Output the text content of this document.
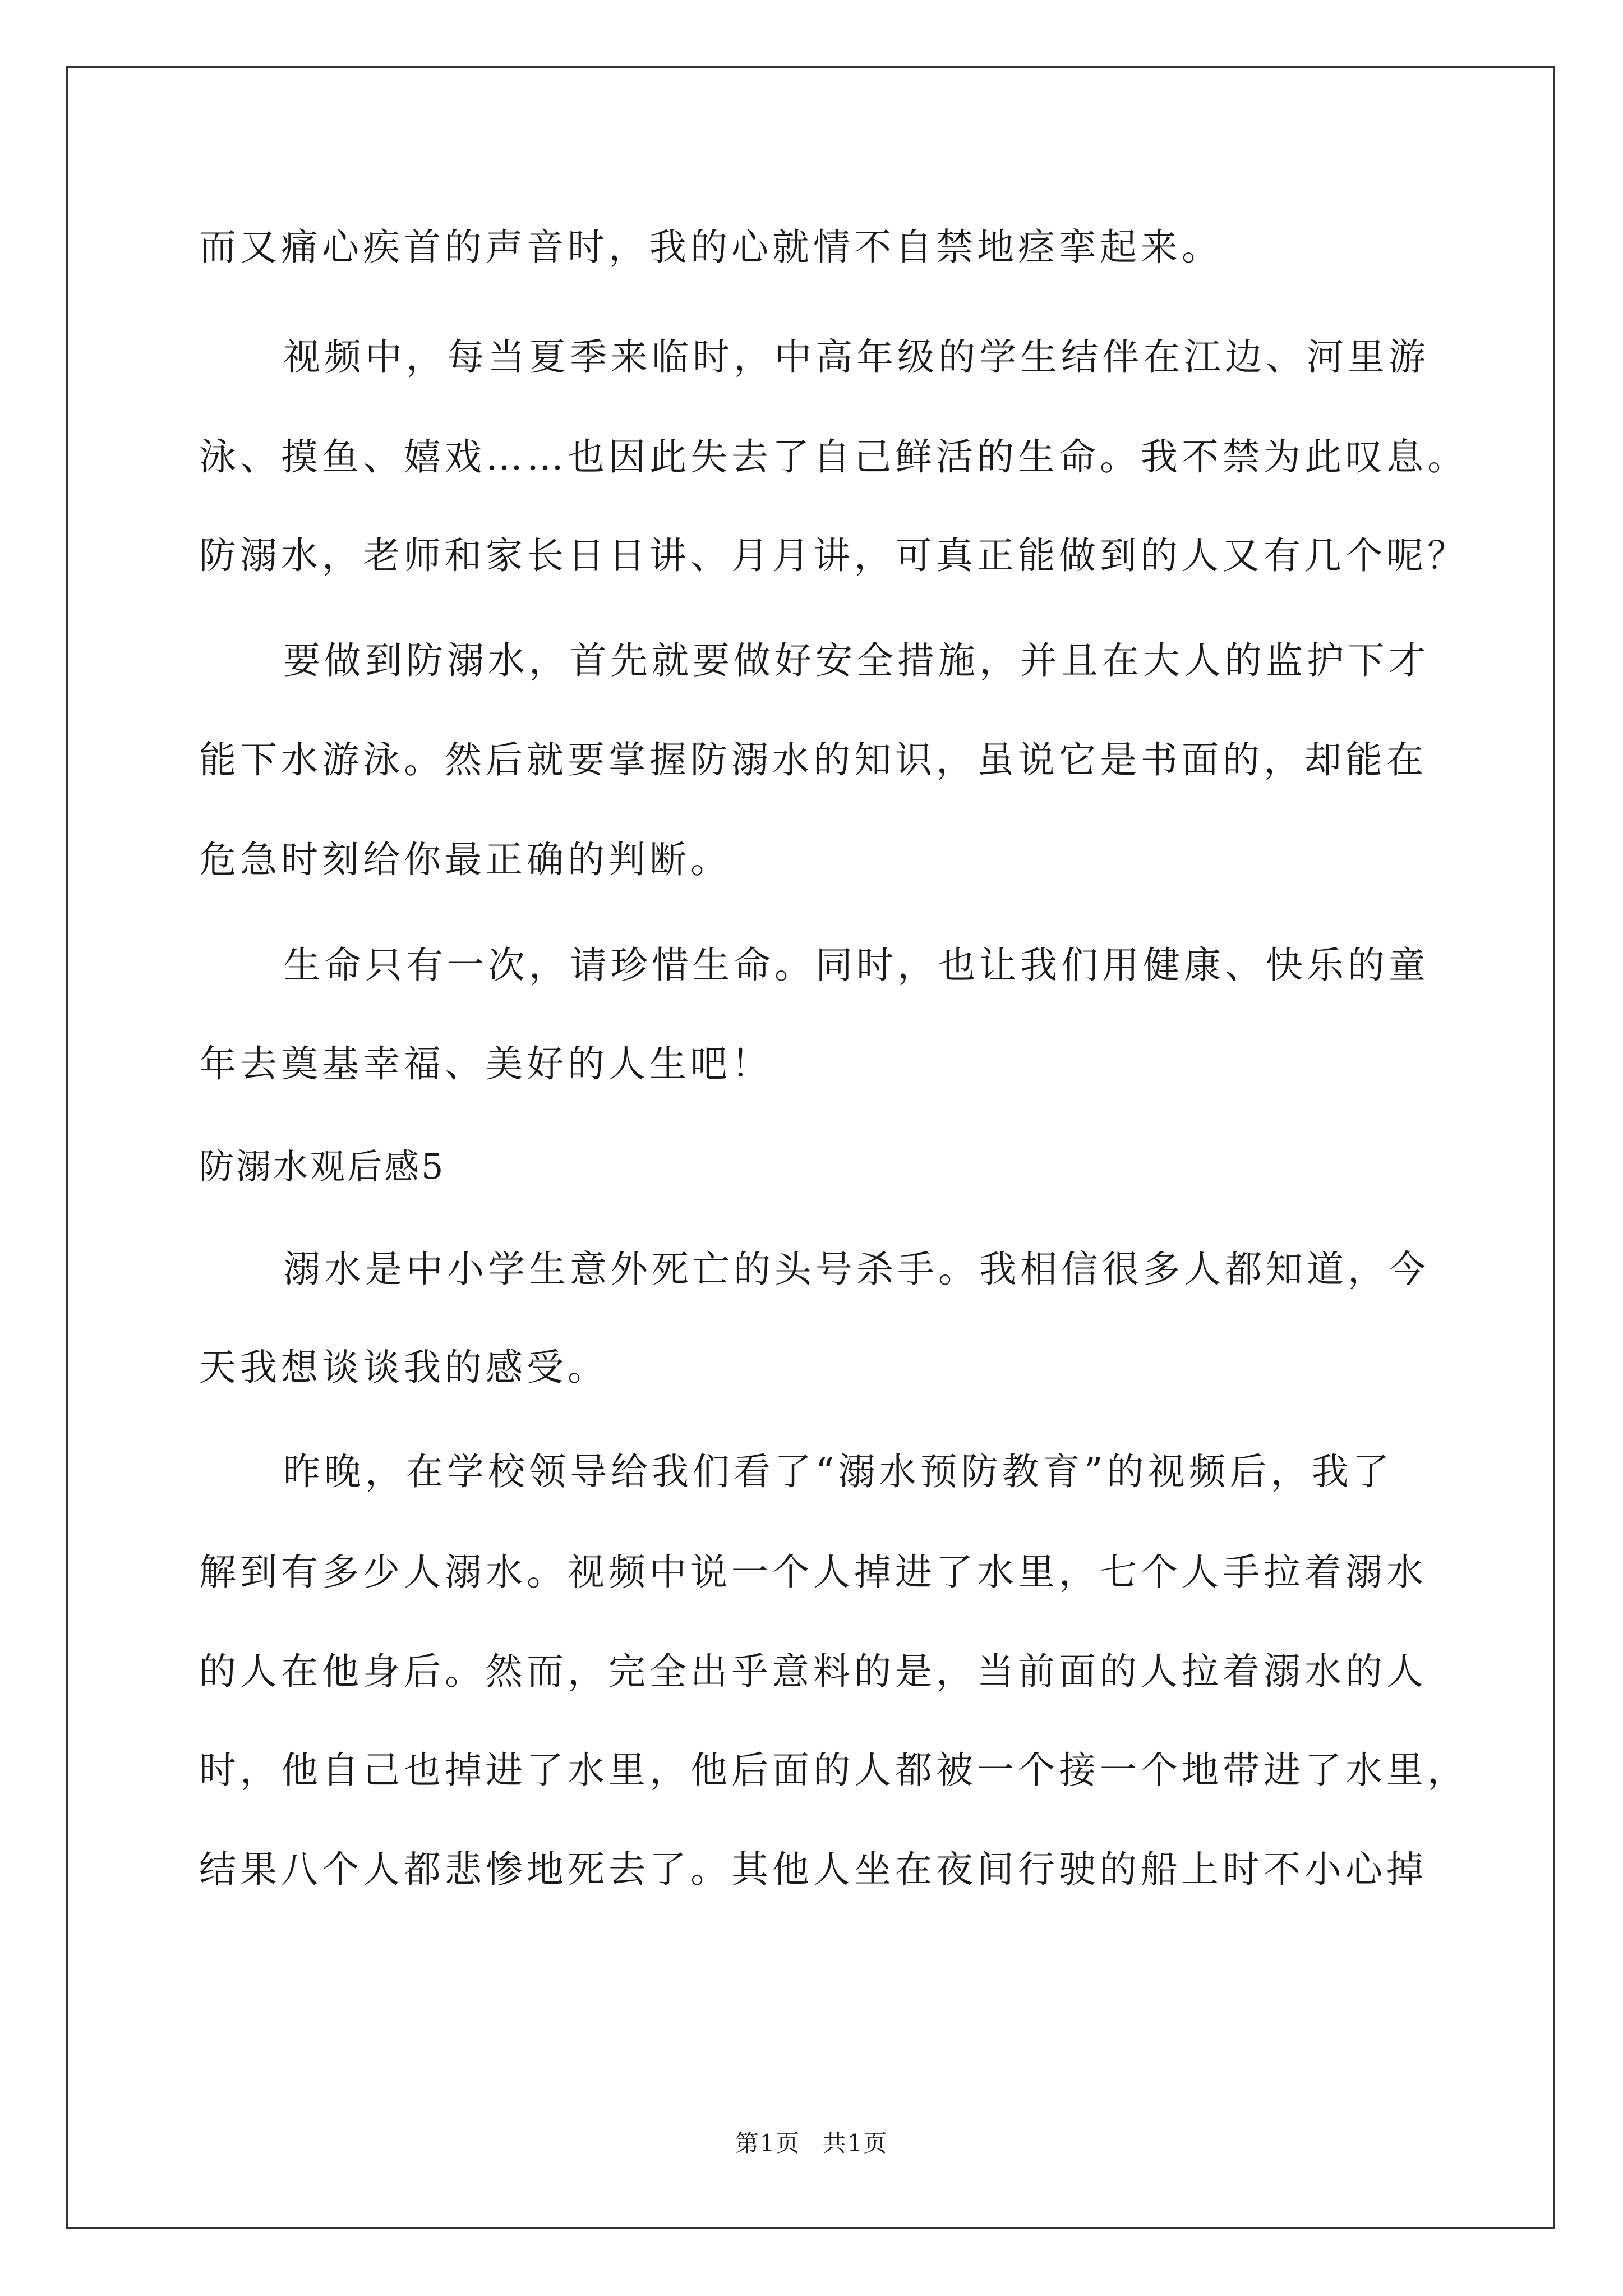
而又痛心疾首的声音时，我的心就情不自禁地痉挛起来。
视频中，每当夏季来临时，中高年级的学生结伴在江边、河里游
泳、摸鱼、嬉戏……也因此失去了自己鲜活的生命。我不禁为此叹息。
防溺水，老师和家长日日讲、月月讲，可真正能做到的人又有几个呢？
要做到防溺水，首先就要做好安全措施，并且在大人的监护下才
能下水游泳。然后就要掌握防溺水的知识，虽说它是书面的，却能在
危急时刻给你最正确的判断。
生命只有一次，请珍惜生命。同时，也让我们用健康、快乐的童
年去奠基幸福、美好的人生吧！
防溺水观后感5
溺水是中小学生意外死亡的头号杀手。我相信很多人都知道，今
天我想谈谈我的感受。
昨晚，在学校领导给我们看了“溺水预防教育”的视频后，我了
解到有多少人溺水。视频中说一个人掉进了水里，七个人手拉着溺水
的人在他身后。然而，完全出乎意料的是，当前面的人拉着溺水的人
时，他自己也掉进了水里，他后面的人都被一个接一个地带进了水里，
结果八个人都悲惨地死去了。其他人坐在夜间行驶的船上时不小心掉
第1页 共1页
